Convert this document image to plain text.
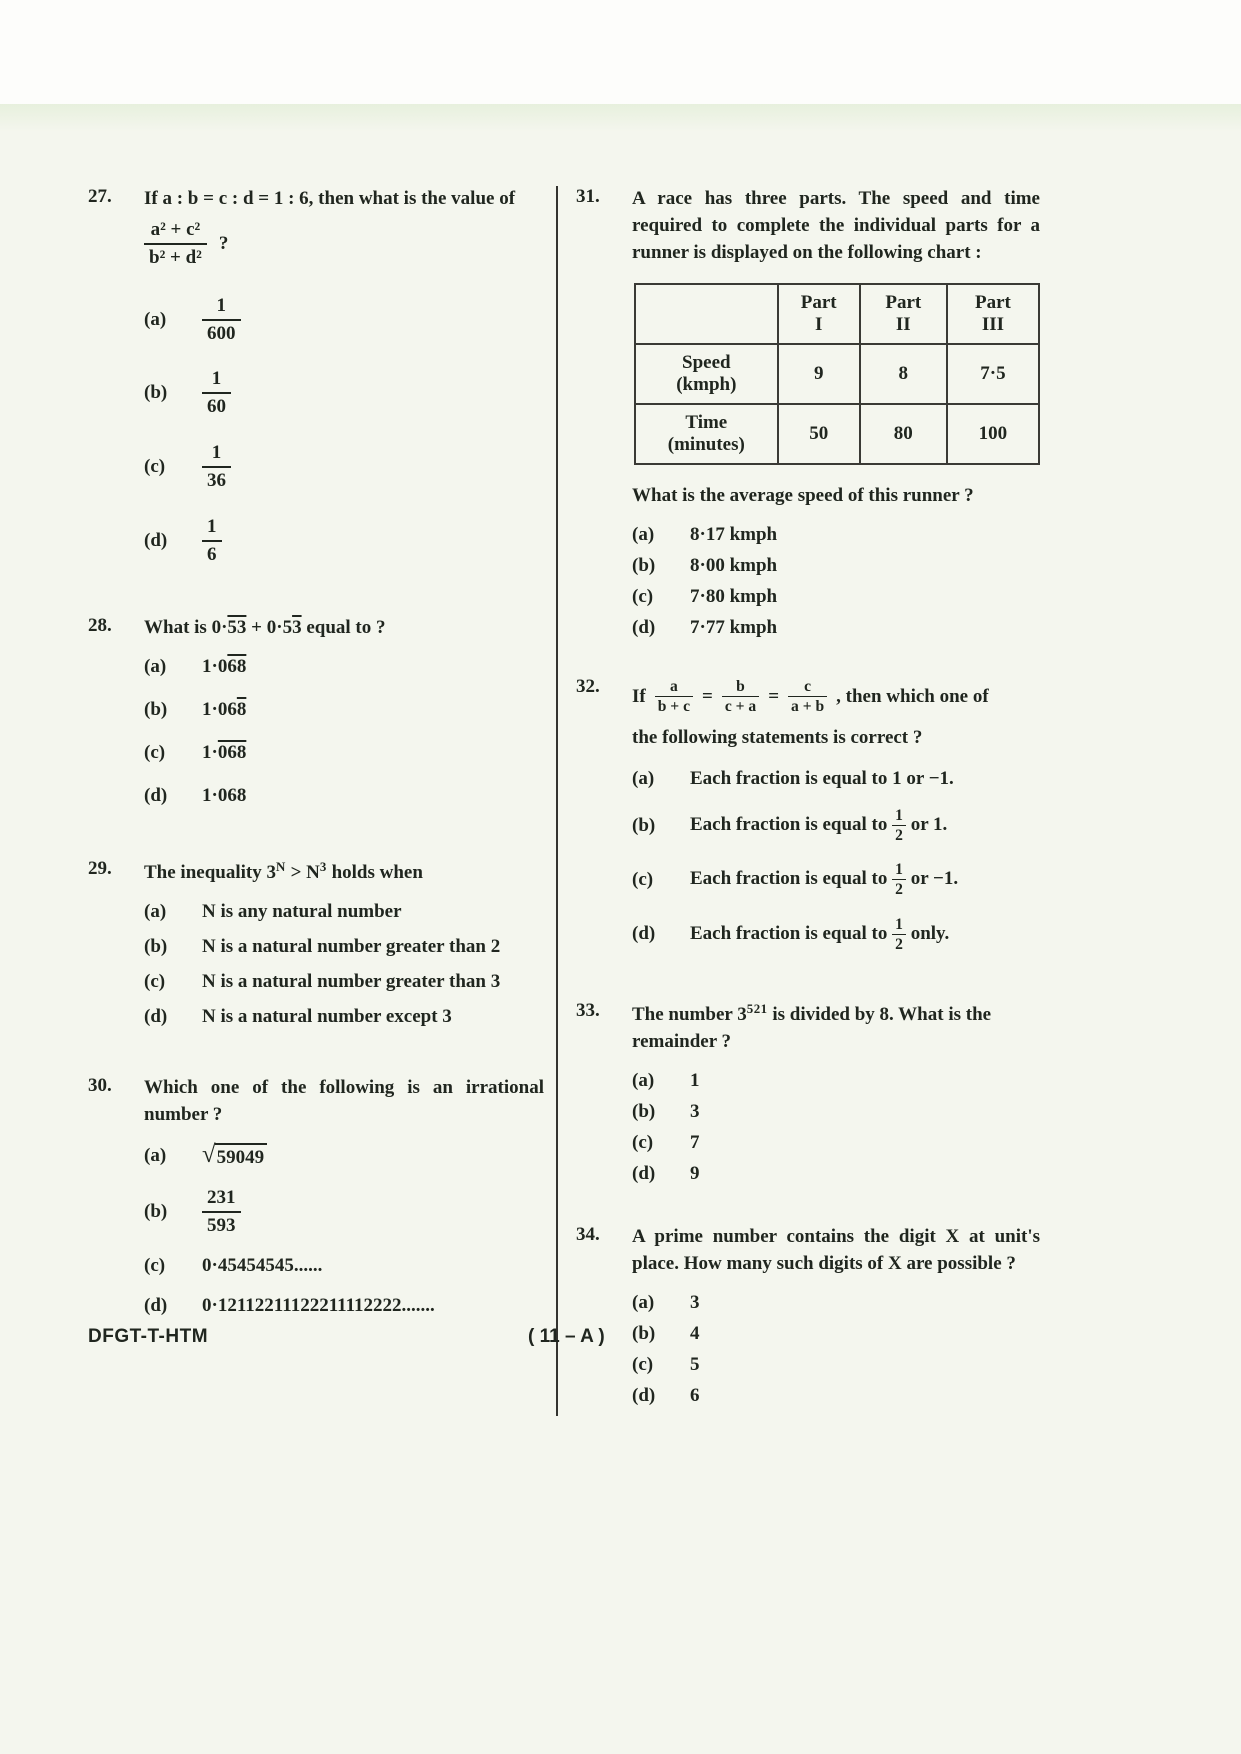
27.	If a : b = c : d = 1 : 6, then what is the value of
$\frac{\text{a² + c²}}{\text{b² + d²}}$ ?
(a)	$\frac{1}{600}$
(b)	$\frac{1}{60}$
(c)	$\frac{1}{36}$
(d)	$\frac{1}{6}$
28.	What is 0·53 + 0·53 equal to ?
(a)	1·068
(b)	1·068
(c)	1·068
(d)	1·068
29.	The inequality $3^N > N^3$ holds when
(a)	N is any natural number
(b)	N is a natural number greater than 2
(c)	N is a natural number greater than 3
(d)	N is a natural number except 3
30.	Which one of the following is an irrational number ?
(a)	√ 59049
(b)	$\frac{231}{593}$
(c)	0·45454545......
(d)	0·12112211122211112222.......
31.	A race has three parts. The speed and time required to complete the individual parts for a runner is displayed on the following chart :
	Part I	Part II	Part III
Speed (kmph)	9	8	7·5
Time (minutes)	50	80	100
What is the average speed of this runner ?
(a)	8·17 kmph
(b)	8·00 kmph
(c)	7·80 kmph
(d)	7·77 kmph
32.	If $\frac{a}{b + c} = \frac{b}{c + a} = \frac{c}{a + b}$ , then which one of
the following statements is correct ?
(a)	Each fraction is equal to 1 or −1.
(b)	Each fraction is equal to $\frac{1}{2}$ or 1.
(c)	Each fraction is equal to $\frac{1}{2}$ or −1.
(d)	Each fraction is equal to $\frac{1}{2}$ only.
33.	The number $3^{521}$ is divided by 8. What is the
remainder ?
(a)	1
(b)	3
(c)	7
(d)	9
34.	A prime number contains the digit X at unit's place. How many such digits of X are possible ?
(a)	3
(b)	4
(c)	5
(d)	6
DFGT-T-HTM	( 11 – A )
